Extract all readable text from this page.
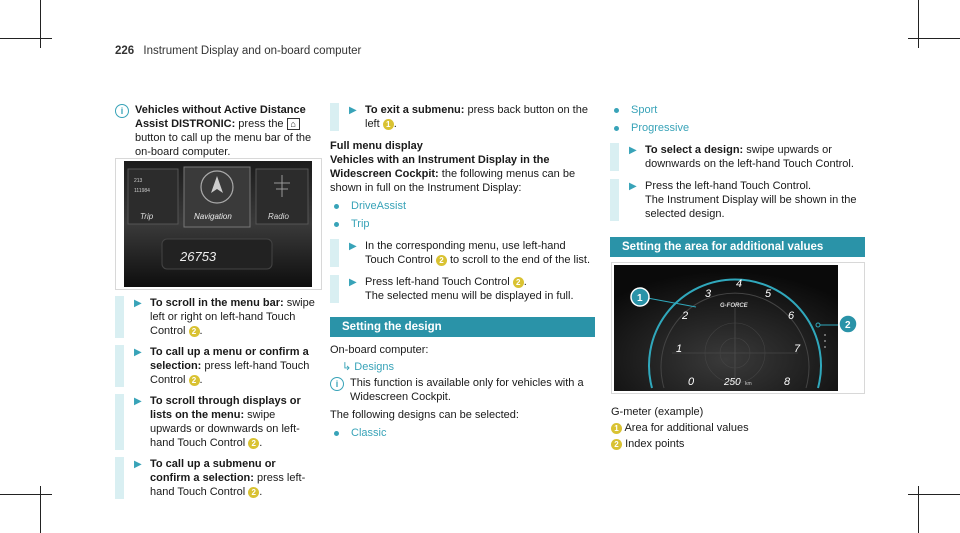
226 Instrument Display and on-board computer
i	Vehicles without Active Distance Assist DISTRONIC: press the ⌂ button to call up the menu bar of the on-board computer.
213
111984
Trip	Navigation	Radio
26753
▶ To scroll in the menu bar: swipe left or right on left-hand Touch Control 2 .
▶ To call up a menu or confirm a selection: press left-hand Touch Control 2 .
▶ To scroll through displays or lists on the menu: swipe upwards or downwards on left-hand Touch Control 2 .
▶ To call up a submenu or confirm a selection: press left-hand Touch Control 2 .
▶ To exit a submenu: press back button on the left 1 .
Full menu display
Vehicles with an Instrument Display in the Widescreen Cockpit: the following menus can be shown in full on the Instrument Display:
DriveAssist
Trip
▶ In the corresponding menu, use left-hand Touch Control 2 to scroll to the end of the list.
▶ Press left-hand Touch Control 2 .
The selected menu will be displayed in full.
Setting the design
On-board computer:
↳ Designs
i	This function is available only for vehicles with a Widescreen Cockpit.
The following designs can be selected:
Classic
Sport
Progressive
▶ To select a design: swipe upwards or downwards on the left-hand Touch Control.
▶ Press the left-hand Touch Control.
The Instrument Display will be shown in the selected design.
Setting the area for additional values
G-FORCE
0
1
2
3
4
5
6
7
8
250 km
1
2
G-meter (example)
1 Area for additional values
2 Index points
